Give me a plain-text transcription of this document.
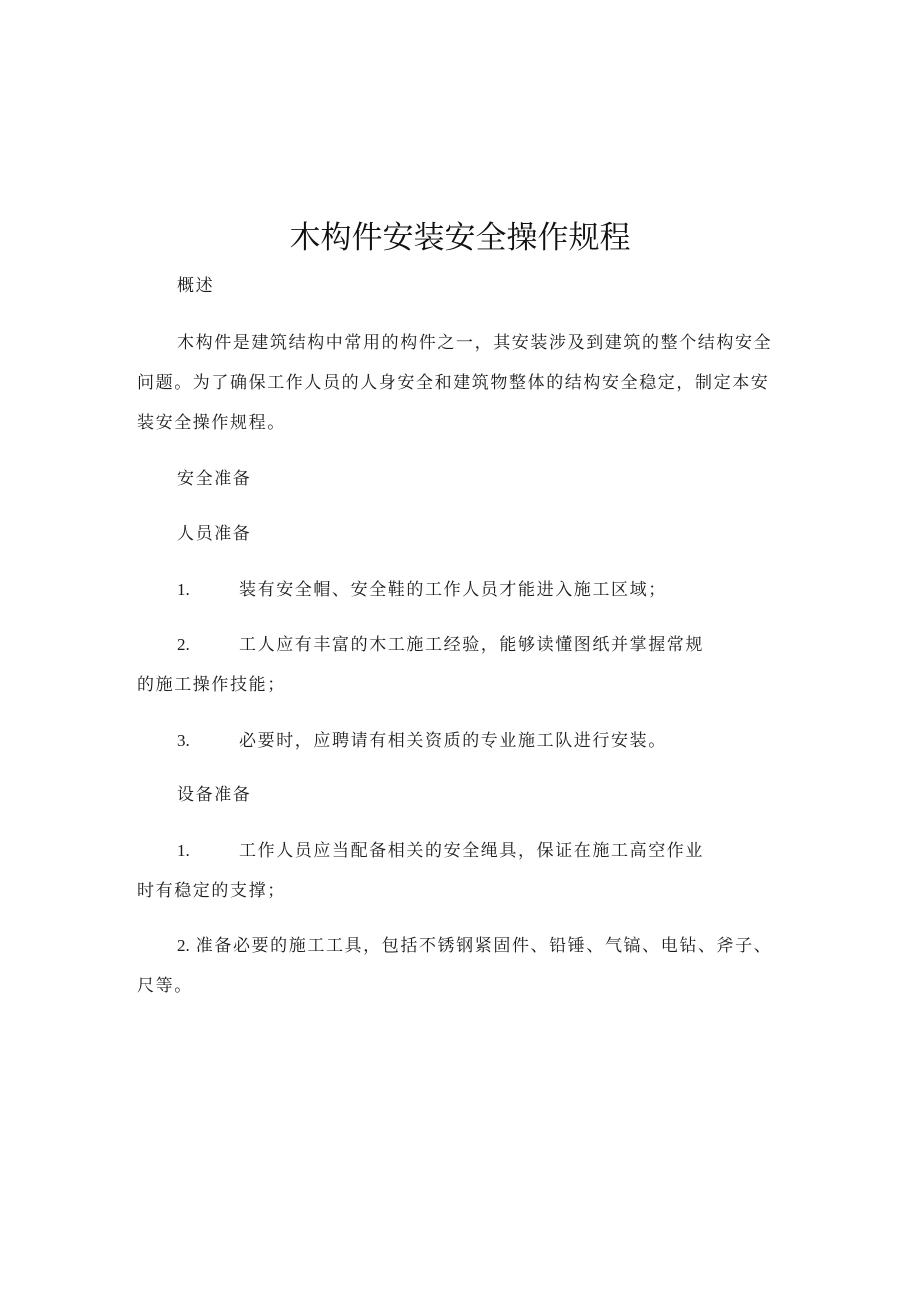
木构件安装安全操作规程
概述
木构件是建筑结构中常用的构件之一，其安装涉及到建筑的整个结构安全
问题。为了确保工作人员的人身安全和建筑物整体的结构安全稳定，制定本安
装安全操作规程。
安全准备
人员准备
1.	装有安全帽、安全鞋的工作人员才能进入施工区域；
2.	工人应有丰富的木工施工经验，能够读懂图纸并掌握常规
的施工操作技能；
3.	必要时，应聘请有相关资质的专业施工队进行安装。
设备准备
1.	工作人员应当配备相关的安全绳具，保证在施工高空作业
时有稳定的支撑；
2. 准备必要的施工工具，包括不锈钢紧固件、铅锤、气镐、电钻、斧子、
尺等。
